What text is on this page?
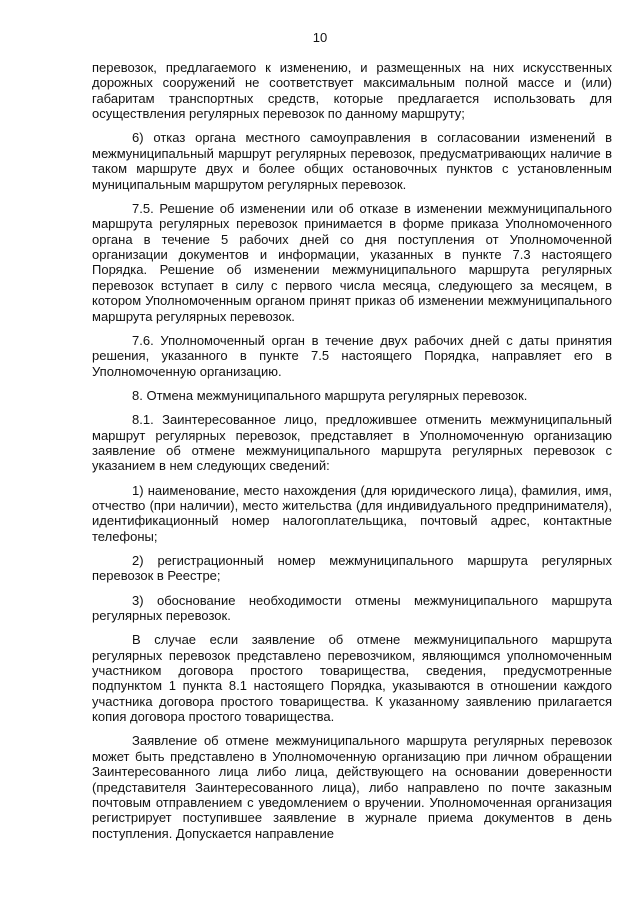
10

перевозок, предлагаемого к изменению, и размещенных на них искусственных дорожных сооружений не соответствует максимальным полной массе и (или) габаритам транспортных средств, которые предлагается использовать для осуществления регулярных перевозок по данному маршруту;

6) отказ органа местного самоуправления в согласовании изменений в межмуниципальный маршрут регулярных перевозок, предусматривающих наличие в таком маршруте двух и более общих остановочных пунктов с установленным муниципальным маршрутом регулярных перевозок.

7.5. Решение об изменении или об отказе в изменении межмуниципального маршрута регулярных перевозок принимается в форме приказа Уполномоченного органа в течение 5 рабочих дней со дня поступления от Уполномоченной организации документов и информации, указанных в пункте 7.3 настоящего Порядка. Решение об изменении межмуниципального маршрута регулярных перевозок вступает в силу с первого числа месяца, следующего за месяцем, в котором Уполномоченным органом принят приказ об изменении межмуниципального маршрута регулярных перевозок.

7.6. Уполномоченный орган в течение двух рабочих дней с даты принятия решения, указанного в пункте 7.5 настоящего Порядка, направляет его в Уполномоченную организацию.

8. Отмена межмуниципального маршрута регулярных перевозок.

8.1. Заинтересованное лицо, предложившее отменить межмуниципальный маршрут регулярных перевозок, представляет в Уполномоченную организацию заявление об отмене межмуниципального маршрута регулярных перевозок с указанием в нем следующих сведений:

1) наименование, место нахождения (для юридического лица), фамилия, имя, отчество (при наличии), место жительства (для индивидуального предпринимателя), идентификационный номер налогоплательщика, почтовый адрес, контактные телефоны;

2) регистрационный номер межмуниципального маршрута регулярных перевозок в Реестре;

3) обоснование необходимости отмены межмуниципального маршрута регулярных перевозок.

В случае если заявление об отмене межмуниципального маршрута регулярных перевозок представлено перевозчиком, являющимся уполномоченным участником договора простого товарищества, сведения, предусмотренные подпунктом 1 пункта 8.1 настоящего Порядка, указываются в отношении каждого участника договора простого товарищества. К указанному заявлению прилагается копия договора простого товарищества.

Заявление об отмене межмуниципального маршрута регулярных перевозок может быть представлено в Уполномоченную организацию при личном обращении Заинтересованного лица либо лица, действующего на основании доверенности (представителя Заинтересованного лица), либо направлено по почте заказным почтовым отправлением с уведомлением о вручении. Уполномоченная организация регистрирует поступившее заявление в журнале приема документов в день поступления. Допускается направление
